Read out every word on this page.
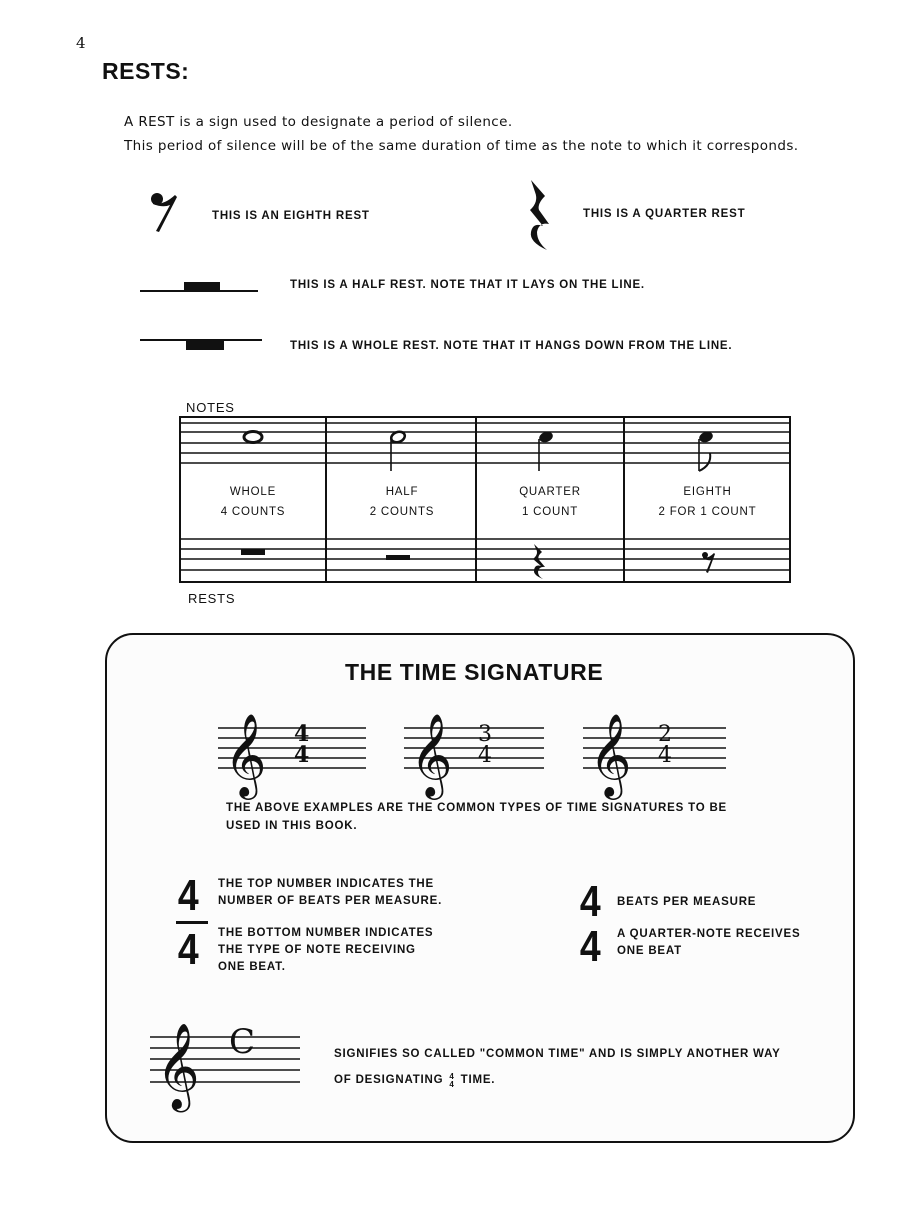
4
RESTS:
A REST is a sign used to designate a period of silence.
This period of silence will be of the same duration of time as the note to which it corresponds.
THIS IS AN EIGHTH REST	THIS IS A QUARTER REST
THIS IS A HALF REST. NOTE THAT IT LAYS ON THE LINE.
THIS IS A WHOLE REST. NOTE THAT IT HANGS DOWN FROM THE LINE.
NOTES
RESTS
WHOLE
4 COUNTS
HALF
2 COUNTS
QUARTER
1 COUNT
EIGHTH
2 FOR 1 COUNT
THE TIME SIGNATURE
𝄞 4
4 𝄞 3
4 𝄞 2
4
THE ABOVE EXAMPLES ARE THE COMMON TYPES OF TIME SIGNATURES TO BE
USED IN THIS BOOK.
4
4
THE TOP NUMBER INDICATES THE
NUMBER OF BEATS PER MEASURE.
THE BOTTOM NUMBER INDICATES
THE TYPE OF NOTE RECEIVING
ONE BEAT.
4
4
BEATS PER MEASURE
A QUARTER-NOTE RECEIVES
ONE BEAT
𝄞 C	SIGNIFIES SO CALLED "COMMON TIME" AND IS SIMPLY ANOTHER WAY
OF DESIGNATING 4
4 TIME.
